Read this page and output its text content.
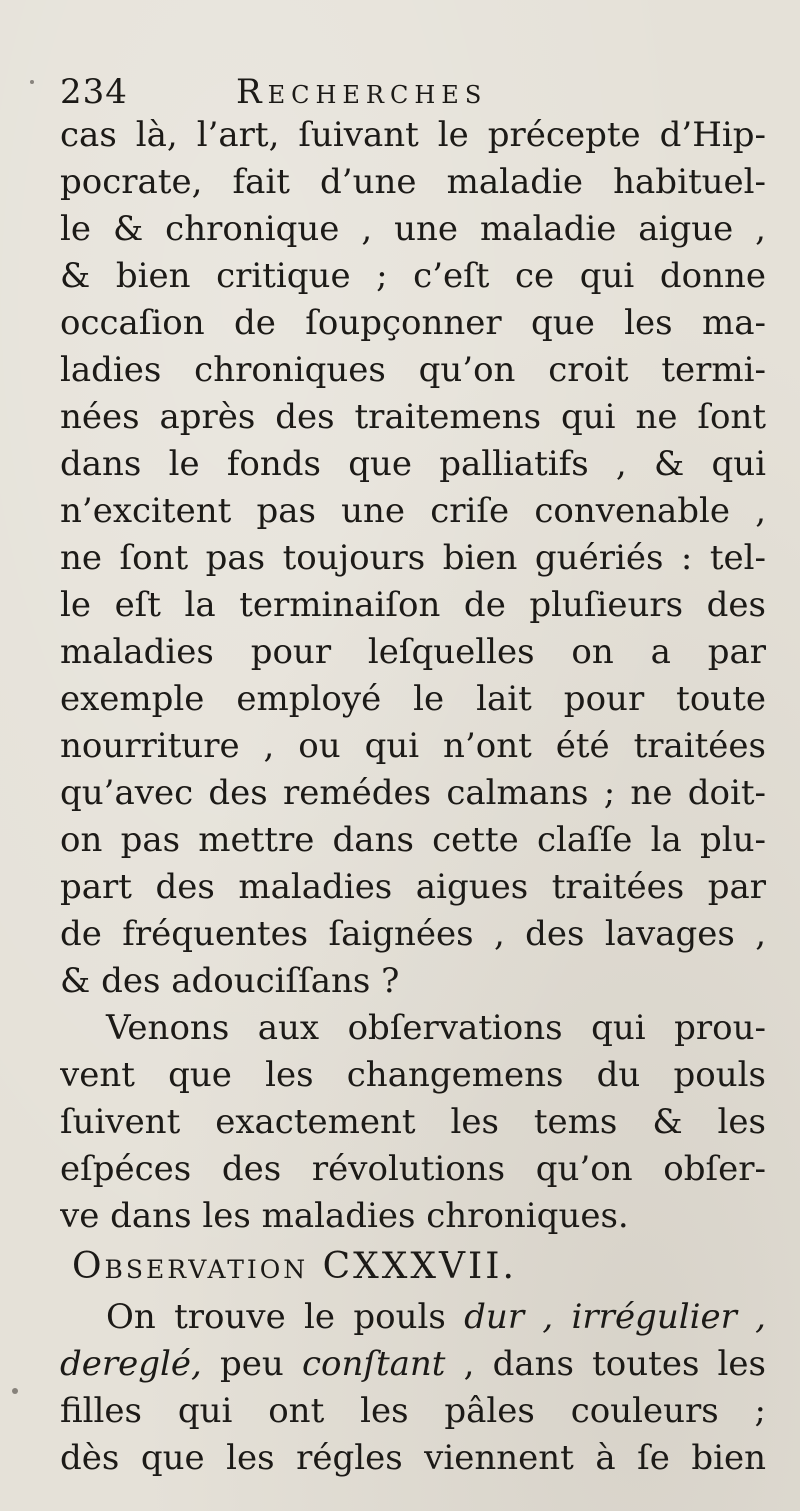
234	Recherches
cas là, l’art, ſuivant le précepte d’Hip-
pocrate, fait d’une maladie habituel-
le & chronique , une maladie aigue ,
& bien critique ; c’eſt ce qui donne
occaſion de ſoupçonner que les ma-
ladies chroniques qu’on croit termi-
nées après des traitemens qui ne ſont
dans le fonds que palliatifs , & qui
n’excitent pas une criſe convenable ,
ne ſont pas toujours bien guériés : tel-
le eſt la terminaiſon de pluſieurs des
maladies pour leſquelles on a par
exemple employé le lait pour toute
nourriture , ou qui n’ont été traitées
qu’avec des remédes calmans ; ne doit-
on pas mettre dans cette claſſe la plu-
part des maladies aigues traitées par
de fréquentes ſaignées , des lavages ,
& des adouciſſans ?
Venons aux obſervations qui prou-
vent que les changemens du pouls
ſuivent exactement les tems & les
eſpéces des révolutions qu’on obſer-
ve dans les maladies chroniques.
Observation CXXXVII.
On trouve le pouls dur , irrégulier ,
dereglé, peu conſtant , dans toutes les
filles qui ont les pâles couleurs ;
dès que les régles viennent à ſe bien
